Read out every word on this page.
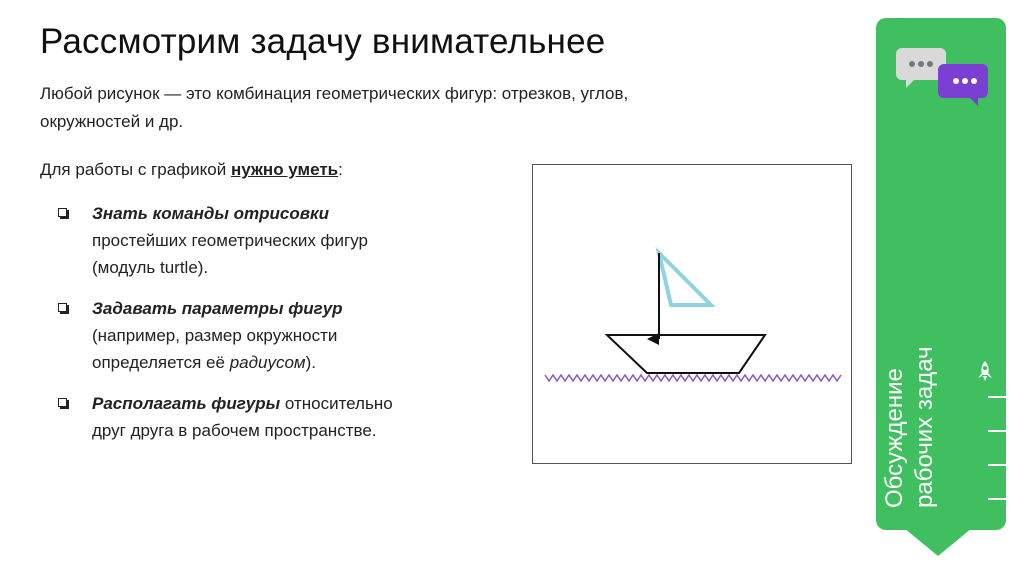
Рассмотрим задачу внимательнее
Любой рисунок — это комбинация геометрических фигур: отрезков, углов,
окружностей и др.
Для работы с графикой нужно уметь:
Знать команды отрисовки
простейших геометрических фигур
(модуль turtle).
Задавать параметры фигур
(например, размер окружности
определяется её радиусом).
Располагать фигуры относительно
друг друга в рабочем пространстве.	Обсуждение рабочих задач
